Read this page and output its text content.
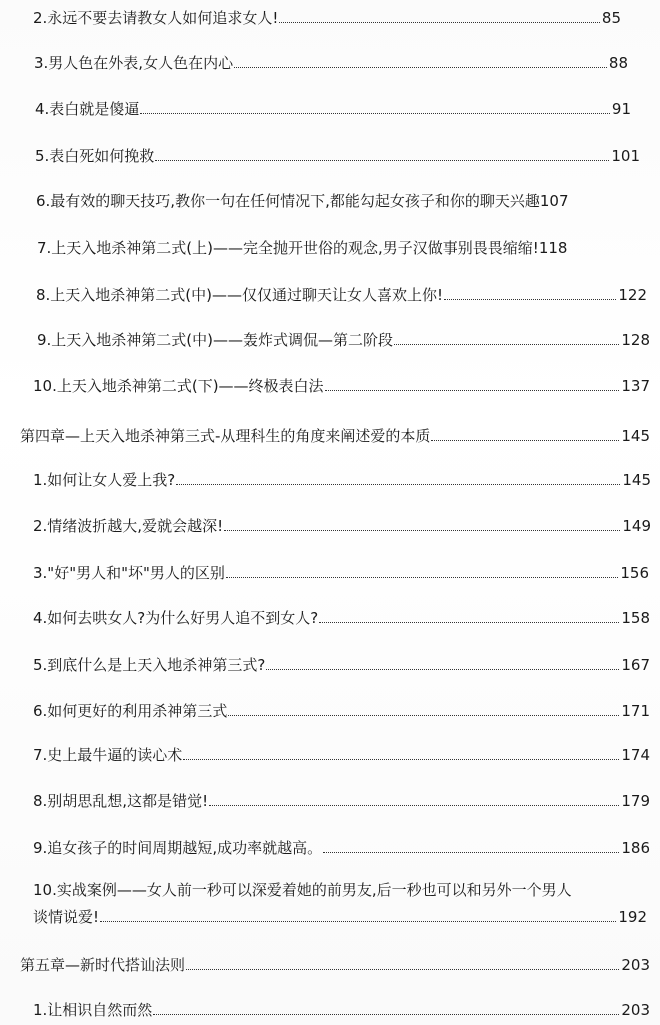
2.永远不要去请教女人如何追求女人!	85
3.男人色在外表,女人色在内心	88
4.表白就是傻逼	91
5.表白死如何挽救	101
6.最有效的聊天技巧,教你一句在任何情况下,都能勾起女孩子和你的聊天兴趣 107
7.上天入地杀神第二式(上)——完全抛开世俗的观念,男子汉做事别畏畏缩缩! 118
8.上天入地杀神第二式(中)——仅仅通过聊天让女人喜欢上你!	122
9.上天入地杀神第二式(中)——轰炸式调侃—第二阶段	128
10.上天入地杀神第二式(下)——终极表白法	137
第四章—上天入地杀神第三式-从理科生的角度来阐述爱的本质	145
1.如何让女人爱上我?	145
2.情绪波折越大,爱就会越深!	149
3."好"男人和"坏"男人的区别	156
4.如何去哄女人?为什么好男人追不到女人?	158
5.到底什么是上天入地杀神第三式?	167
6.如何更好的利用杀神第三式	171
7.史上最牛逼的读心术	174
8.别胡思乱想,这都是错觉!	179
9.追女孩子的时间周期越短,成功率就越高。	186
10.实战案例——女人前一秒可以深爱着她的前男友,后一秒也可以和另外一个男人
谈情说爱!	192
第五章—新时代搭讪法则	203
1.让相识自然而然	203
